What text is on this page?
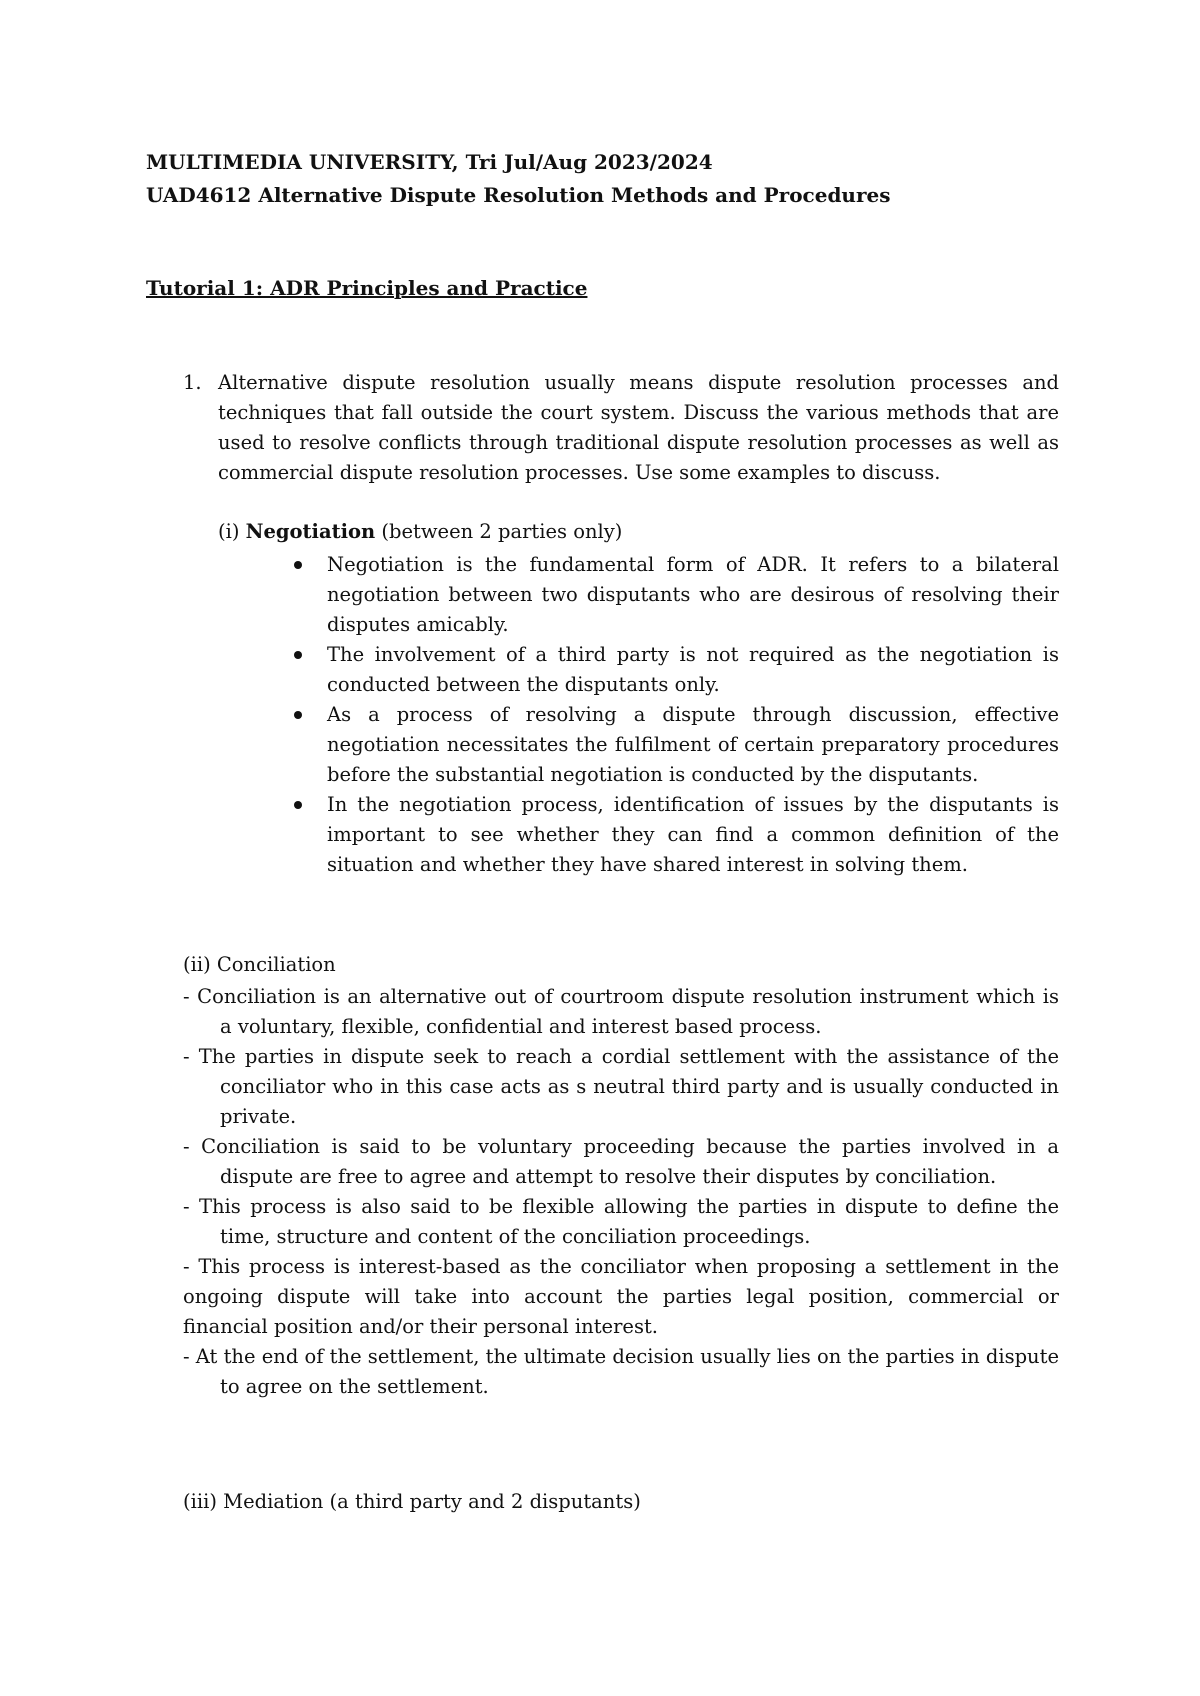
MULTIMEDIA UNIVERSITY, Tri Jul/Aug 2023/2024
UAD4612 Alternative Dispute Resolution Methods and Procedures
Tutorial 1: ADR Principles and Practice
1. Alternative dispute resolution usually means dispute resolution processes and techniques that fall outside the court system. Discuss the various methods that are used to resolve conflicts through traditional dispute resolution processes as well as commercial dispute resolution processes. Use some examples to discuss.
(i) Negotiation (between 2 parties only)
Negotiation is the fundamental form of ADR. It refers to a bilateral negotiation between two disputants who are desirous of resolving their disputes amicably.
The involvement of a third party is not required as the negotiation is conducted between the disputants only.
As a process of resolving a dispute through discussion, effective negotiation necessitates the fulfilment of certain preparatory procedures before the substantial negotiation is conducted by the disputants.
In the negotiation process, identification of issues by the disputants is important to see whether they can find a common definition of the situation and whether they have shared interest in solving them.
(ii) Conciliation
- Conciliation is an alternative out of courtroom dispute resolution instrument which is a voluntary, flexible, confidential and interest based process.
- The parties in dispute seek to reach a cordial settlement with the assistance of the conciliator who in this case acts as s neutral third party and is usually conducted in private.
- Conciliation is said to be voluntary proceeding because the parties involved in a dispute are free to agree and attempt to resolve their disputes by conciliation.
- This process is also said to be flexible allowing the parties in dispute to define the time, structure and content of the conciliation proceedings.
- This process is interest-based as the conciliator when proposing a settlement in the ongoing dispute will take into account the parties legal position, commercial or financial position and/or their personal interest.
- At the end of the settlement, the ultimate decision usually lies on the parties in dispute to agree on the settlement.
(iii) Mediation (a third party and 2 disputants)
